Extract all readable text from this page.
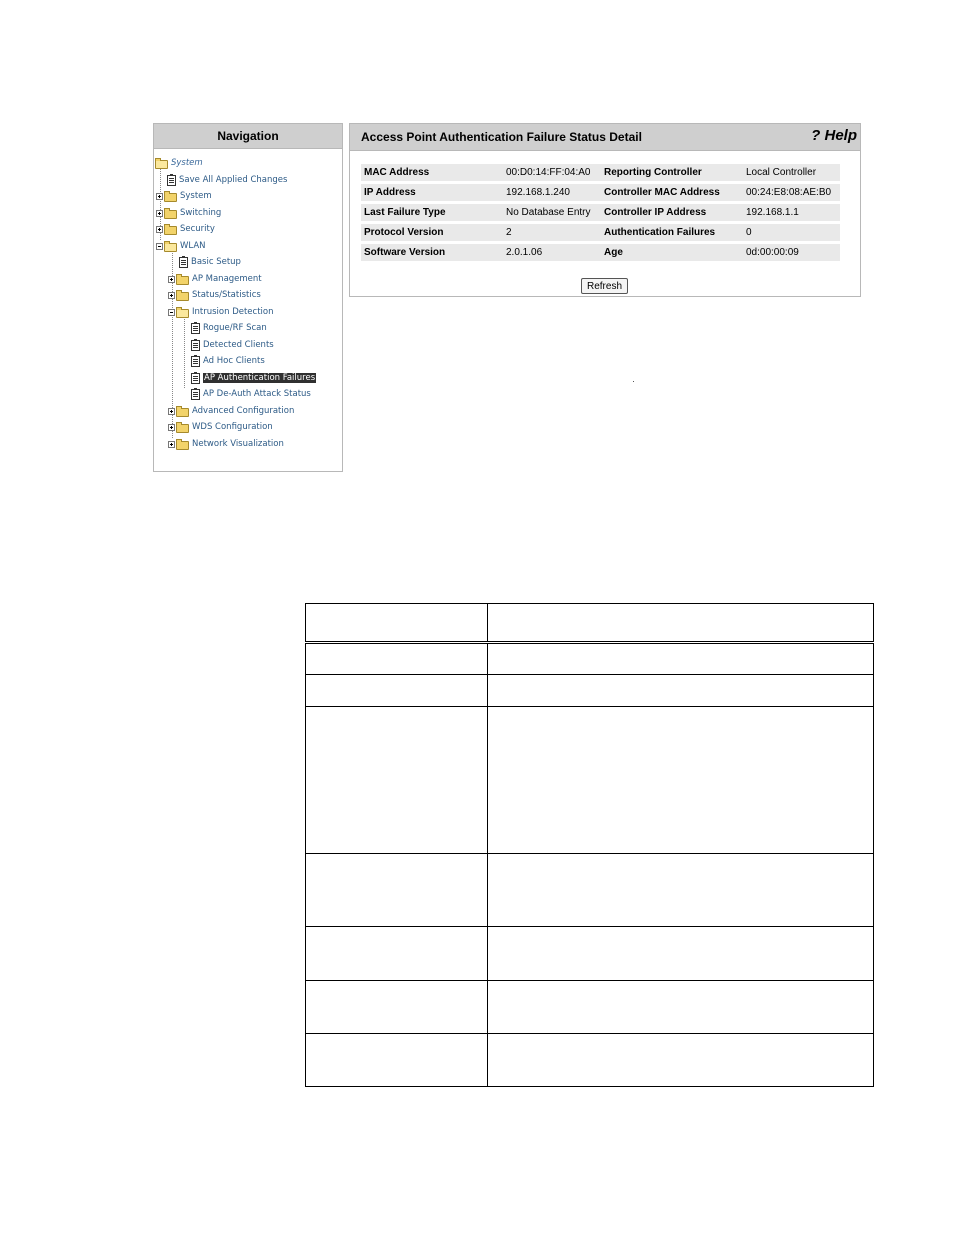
Navigation
System
Save All Applied Changes
System
Switching
Security
WLAN
Basic Setup
AP Management
Status/Statistics
Intrusion Detection
Rogue/RF Scan
Detected Clients
Ad Hoc Clients
AP Authentication Failures
AP De-Auth Attack Status
Advanced Configuration
WDS Configuration
Network Visualization
Access Point Authentication Failure Status Detail	? Help
MAC Address	00:D0:14:FF:04:A0	Reporting Controller	Local Controller
IP Address	192.168.1.240	Controller MAC Address	00:24:E8:08:AE:B0
Last Failure Type	No Database Entry	Controller IP Address	192.168.1.1
Protocol Version	2	Authentication Failures	0
Software Version	2.0.1.06	Age	0d:00:00:09
Refresh
